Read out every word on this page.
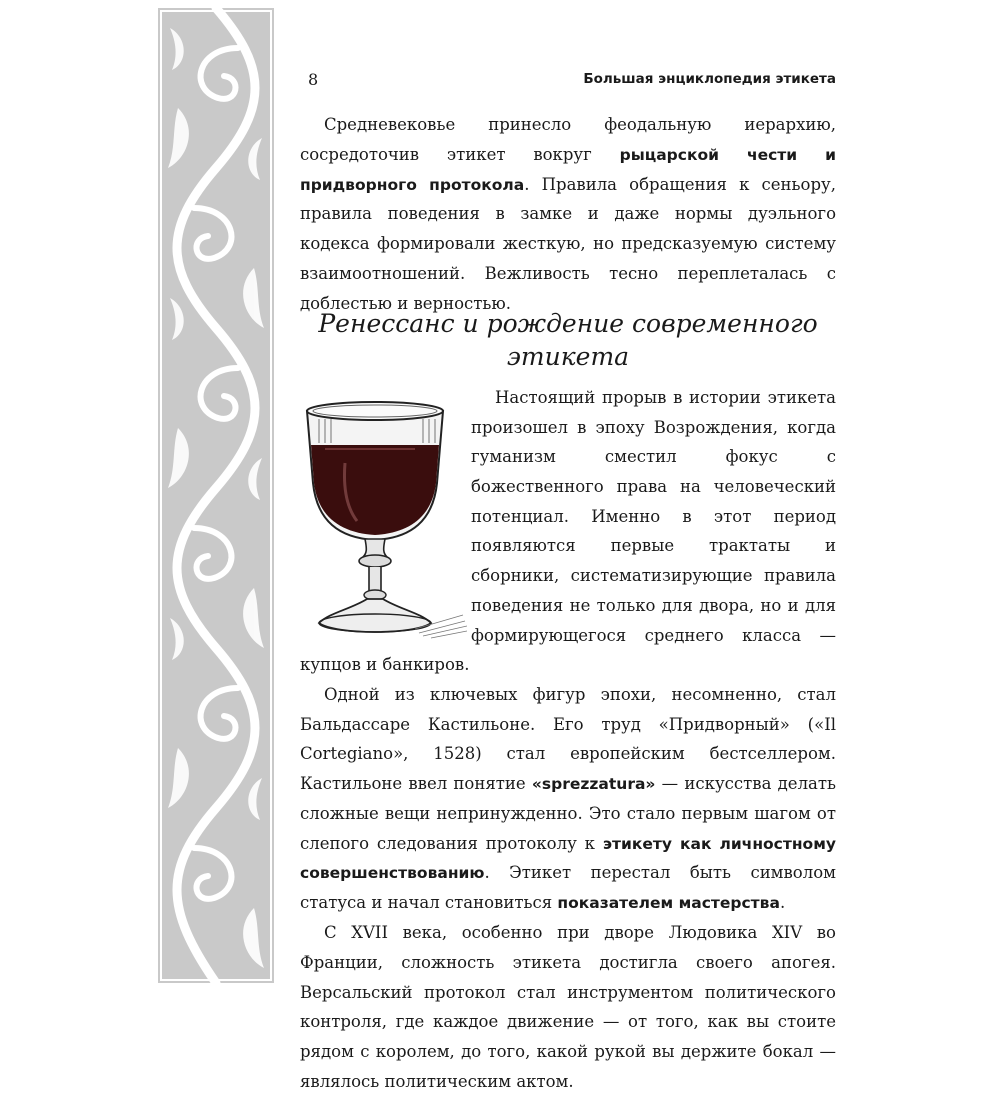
8	Большая энциклопедия этикета

Средневековье принесло феодальную иерархию, сосредоточив этикет вокруг рыцарской чести и придворного протокола. Правила обращения к сеньору, правила поведения в замке и даже нормы дуэльного кодекса формировали жесткую, но предсказуемую систему взаимоотношений. Вежливость тесно переплеталась с доблестью и верностью.

Ренессанс и рождение современного
этикета

Настоящий прорыв в истории этикета произошел в эпоху Возрождения, когда гуманизм сместил фокус с божественного права на человеческий потенциал. Именно в этот период появляются первые трактаты и сборники, систематизирующие правила поведения не только для двора, но и для формирующегося среднего класса — купцов и банкиров.

Одной из ключевых фигур эпохи, несомненно, стал Бальдассаре Кастильоне. Его труд «Придворный» («Il Cortegiano», 1528) стал европейским бестселлером. Кастильоне ввел понятие «sprezzatura» — искусства делать сложные вещи непринужденно. Это стало первым шагом от слепого следования протоколу к этикету как личностному совершенствованию. Этикет перестал быть символом статуса и начал становиться показателем мастерства.

С XVII века, особенно при дворе Людовика XIV во Франции, сложность этикета достигла своего апогея. Версальский протокол стал инструментом политического контроля, где каждое движение — от того, как вы стоите рядом с королем, до того, какой рукой вы держите бокал — являлось политическим актом.
